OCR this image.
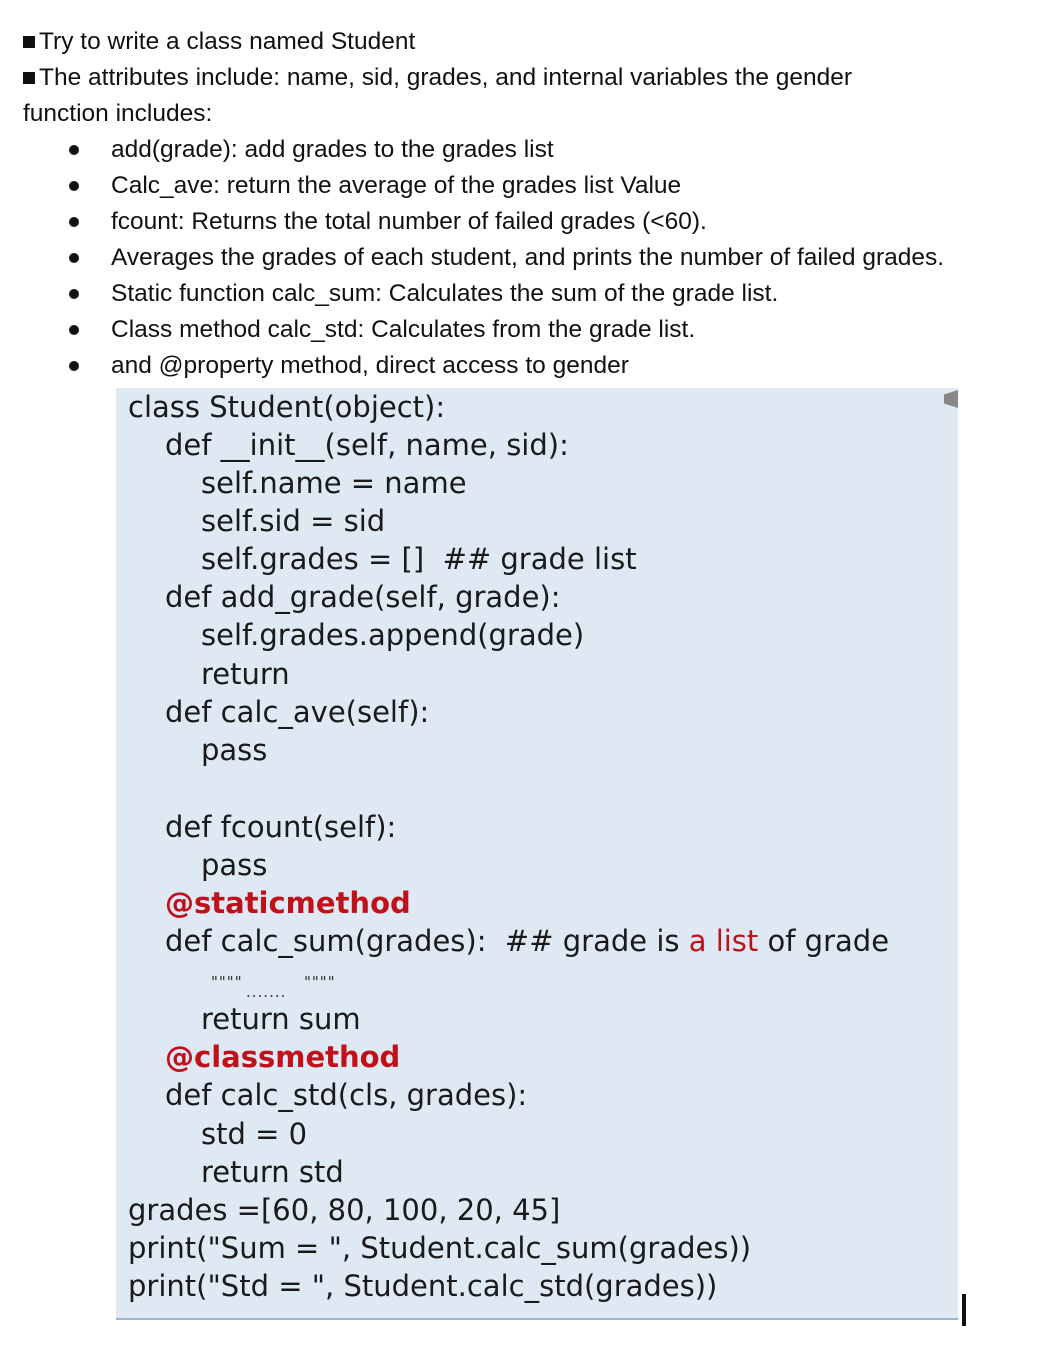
Try to write a class named Student
The attributes include: name, sid, grades, and internal variables the gender
function includes:
add(grade): add grades to the grades list
Calc_ave: return the average of the grades list Value
fcount: Returns the total number of failed grades (<60).
Averages the grades of each student, and prints the number of failed grades.
Static function calc_sum: Calculates the sum of the grade list.
Class method calc_std: Calculates from the grade list.
and @property method, direct access to gender
class Student(object):
def __init__(self, name, sid):
self.name = name
self.sid = sid
self.grades = []  ## grade list
def add_grade(self, grade):
self.grades.append(grade)
return
def calc_ave(self):
pass
def fcount(self):
pass
@staticmethod
def calc_sum(grades):  ## grade is a list of grade
""""
.......
""""
return sum
@classmethod
def calc_std(cls, grades):
std = 0
return std
grades =[60, 80, 100, 20, 45]
print("Sum = ", Student.calc_sum(grades))
print("Std = ", Student.calc_std(grades))
